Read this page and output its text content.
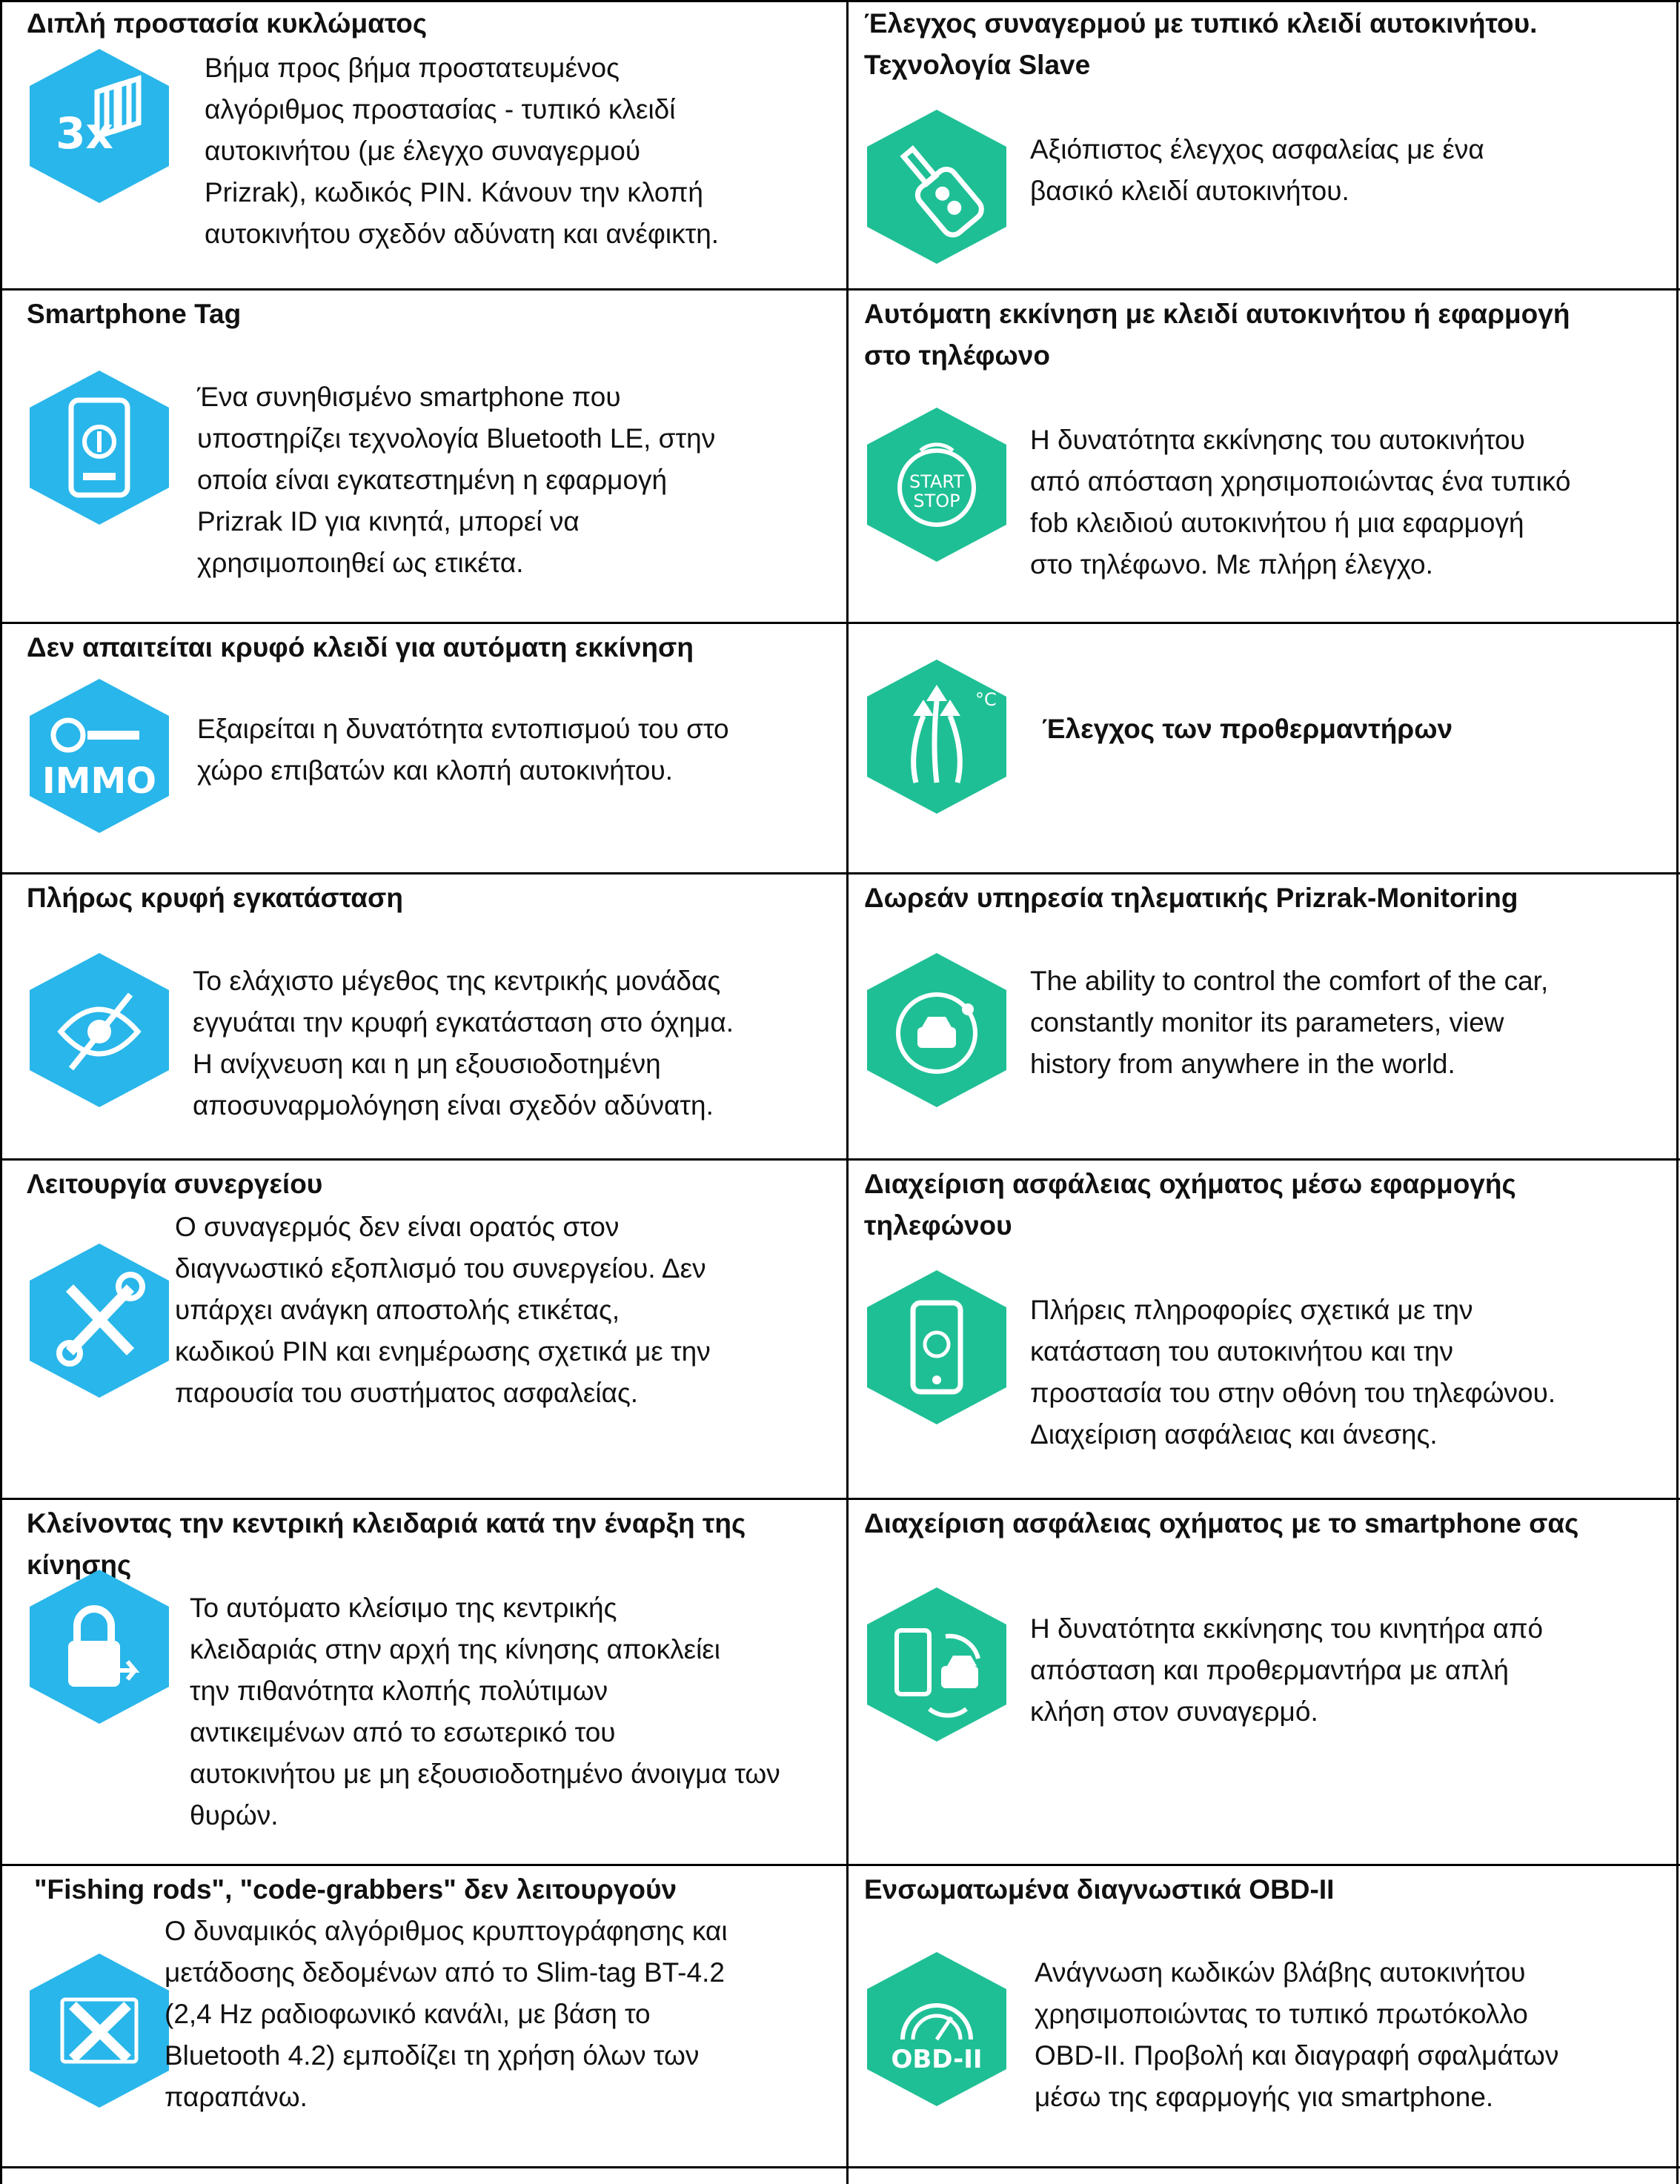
Διπλή προστασία κυκλώματος
3x
Βήμα προς βήμα προστατευμένος
αλγόριθμος προστασίας - τυπικό κλειδί
αυτοκινήτου (με έλεγχο συναγερμού
Prizrak), κωδικός PIN. Κάνουν την κλοπή
αυτοκινήτου σχεδόν αδύνατη και ανέφικτη.
Έλεγχος συναγερμού με τυπικό κλειδί αυτοκινήτου.
Τεχνολογία Slave
Αξιόπιστος έλεγχος ασφαλείας με ένα
βασικό κλειδί αυτοκινήτου.
Smartphone Tag
Ένα συνηθισμένο smartphone που
υποστηρίζει τεχνολογία Bluetooth LE, στην
οποία είναι εγκατεστημένη η εφαρμογή
Prizrak ID για κινητά, μπορεί να
χρησιμοποιηθεί ως ετικέτα.
Αυτόματη εκκίνηση με κλειδί αυτοκινήτου ή εφαρμογή
στο τηλέφωνο
START
STOP
Η δυνατότητα εκκίνησης του αυτοκινήτου
από απόσταση χρησιμοποιώντας ένα τυπικό
fob κλειδιού αυτοκινήτου ή μια εφαρμογή
στο τηλέφωνο. Με πλήρη έλεγχο.
Δεν απαιτείται κρυφό κλειδί για αυτόματη εκκίνηση
IMMO
Εξαιρείται η δυνατότητα εντοπισμού του στο
χώρο επιβατών και κλοπή αυτοκινήτου.
°C
Έλεγχος των προθερμαντήρων
Πλήρως κρυφή εγκατάσταση
Το ελάχιστο μέγεθος της κεντρικής μονάδας
εγγυάται την κρυφή εγκατάσταση στο όχημα.
Η ανίχνευση και η μη εξουσιοδοτημένη
αποσυναρμολόγηση είναι σχεδόν αδύνατη.
Δωρεάν υπηρεσία τηλεματικής Prizrak-Monitoring
The ability to control the comfort of the car,
constantly monitor its parameters, view
history from anywhere in the world.
Λειτουργία συνεργείου
Ο συναγερμός δεν είναι ορατός στον
διαγνωστικό εξοπλισμό του συνεργείου. Δεν
υπάρχει ανάγκη αποστολής ετικέτας,
κωδικού PIN και ενημέρωσης σχετικά με την
παρουσία του συστήματος ασφαλείας.
Διαχείριση ασφάλειας οχήματος μέσω εφαρμογής
τηλεφώνου
Πλήρεις πληροφορίες σχετικά με την
κατάσταση του αυτοκινήτου και την
προστασία του στην οθόνη του τηλεφώνου.
Διαχείριση ασφάλειας και άνεσης.
Κλείνοντας την κεντρική κλειδαριά κατά την έναρξη της
κίνησης
Το αυτόματο κλείσιμο της κεντρικής
κλειδαριάς στην αρχή της κίνησης αποκλείει
την πιθανότητα κλοπής πολύτιμων
αντικειμένων από το εσωτερικό του
αυτοκινήτου με μη εξουσιοδοτημένο άνοιγμα των
θυρών.
Διαχείριση ασφάλειας οχήματος με το smartphone σας
Η δυνατότητα εκκίνησης του κινητήρα από
απόσταση και προθερμαντήρα με απλή
κλήση στον συναγερμό.
"Fishing rods", "code-grabbers" δεν λειτουργούν
Ο δυναμικός αλγόριθμος κρυπτογράφησης και
μετάδοσης δεδομένων από το Slim-tag BT-4.2
(2,4 Hz ραδιοφωνικό κανάλι, με βάση το
Bluetooth 4.2) εμποδίζει τη χρήση όλων των
παραπάνω.
Ενσωματωμένα διαγνωστικά OBD-II
OBD-II
Ανάγνωση κωδικών βλάβης αυτοκινήτου
χρησιμοποιώντας το τυπικό πρωτόκολλο
OBD-II. Προβολή και διαγραφή σφαλμάτων
μέσω της εφαρμογής για smartphone.
